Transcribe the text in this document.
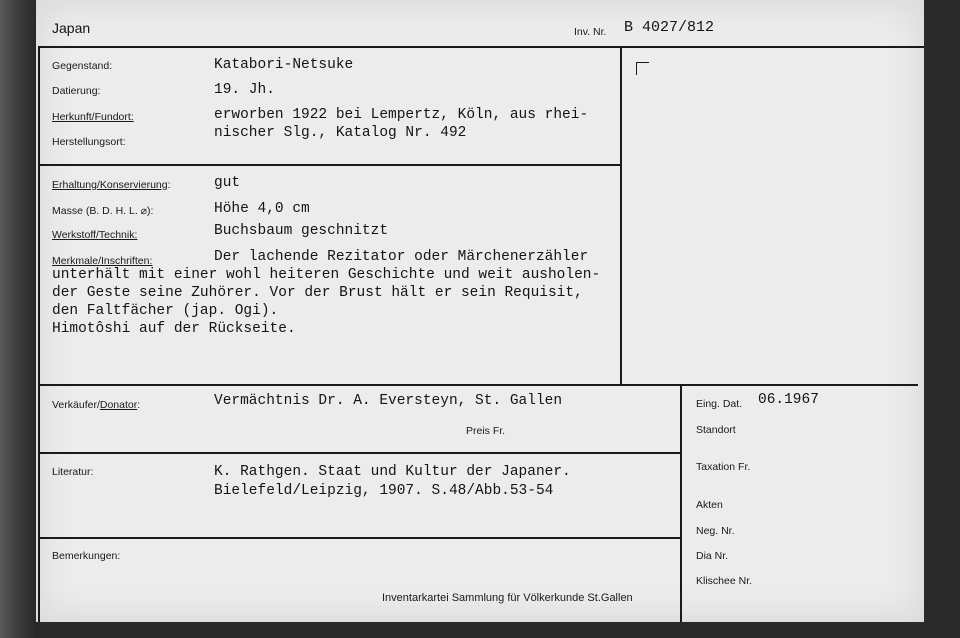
Japan	Inv. Nr. B 4027/812
Gegenstand:	Katabori-Netsuke
Datierung:	19. Jh.
Herkunft/Fundort:	erworben 1922 bei Lempertz, Köln, aus rhei-
nischer Slg., Katalog Nr. 492
Herstellungsort:
Erhaltung/Konservierung:	gut
Masse (B. D. H. L. ⌀):	Höhe 4,0 cm
Werkstoff/Technik:	Buchsbaum geschnitzt
Merkmale/Inschriften:	Der lachende Rezitator oder Märchenerzähler
unterhält mit einer wohl heiteren Geschichte und weit ausholen-
der Geste seine Zuhörer. Vor der Brust hält er sein Requisit,
den Faltfächer (jap. Ogi).
Himotôshi auf der Rückseite.
Verkäufer/Donator:	Vermächtnis Dr. A. Eversteyn, St. Gallen
Preis Fr.
Literatur:	K. Rathgen. Staat und Kultur der Japaner.
Bielefeld/Leipzig, 1907. S.48/Abb.53-54
Bemerkungen:
Eing. Dat. 06.1967
Standort
Taxation Fr.
Akten
Neg. Nr.
Dia Nr.
Klischee Nr.
Inventarkartei Sammlung für Völkerkunde St.Gallen
